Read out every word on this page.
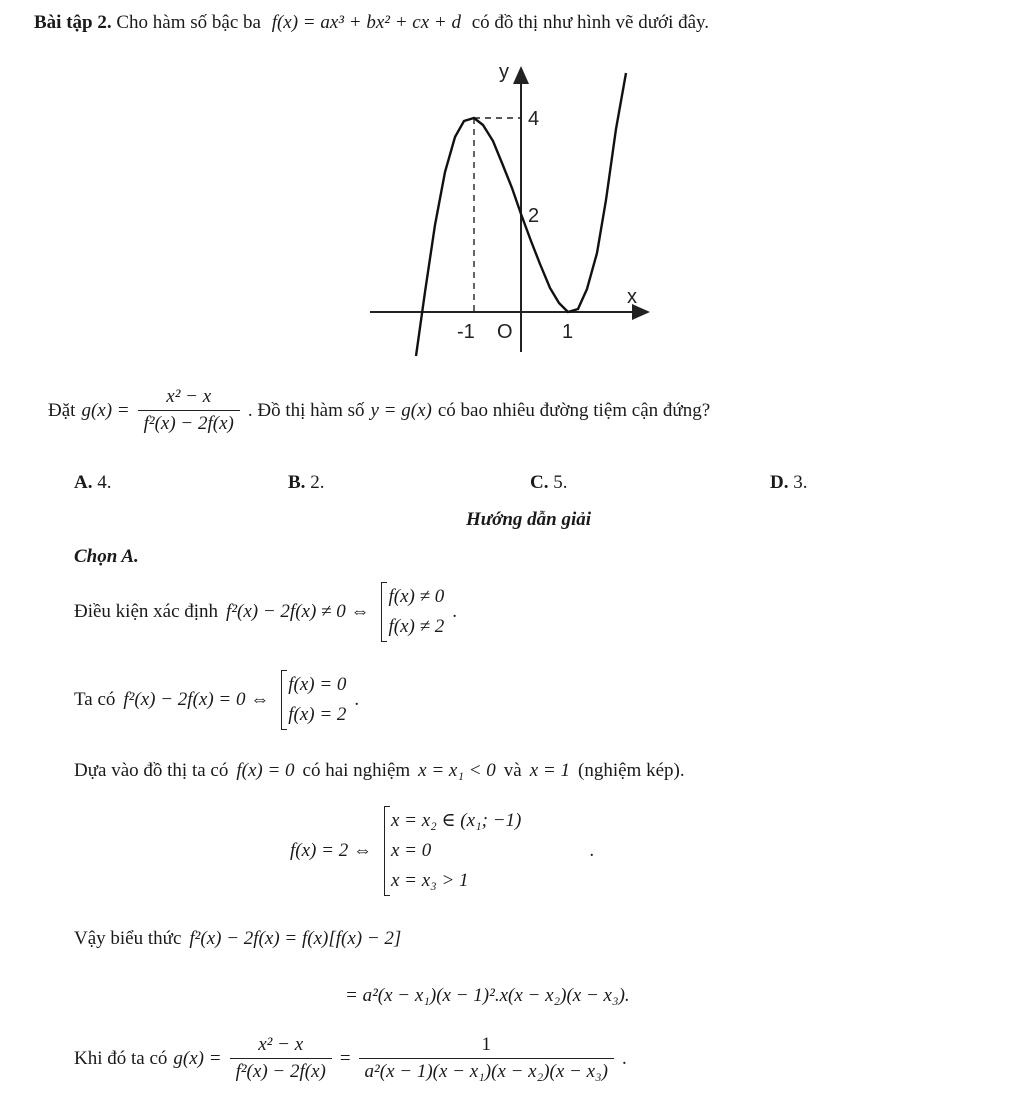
Bài tập 2. Cho hàm số bậc ba f(x) = ax³ + bx² + cx + d có đồ thị như hình vẽ dưới đây.
y
x
4
2
-1 O 1
Đặt $g(x) = \frac{\text{x² − x}}{\text{f²(x) − 2f(x)}}$ . Đồ thị hàm số y = g(x) có bao nhiêu đường tiệm cận đứng?
A. 4.	B. 2.	C. 5.	D. 3.
Hướng dẫn giải
Chọn A.
Điều kiện xác định f²(x) − 2f(x) ≠ 0 ⇔
f(x) ≠ 0
f(x) ≠ 2
.
Ta có f²(x) − 2f(x) = 0 ⇔
f(x) = 0
f(x) = 2
.
Dựa vào đồ thị ta có f(x) = 0 có hai nghiệm x = x₁ < 0 và x = 1 (nghiệm kép).
f(x) = 2 ⇔
x = x₂ ∈ (x₁; −1)
x = 0
x = x₃ > 1
.
Vậy biểu thức f²(x) − 2f(x) = f(x)[f(x) − 2]
= a²(x − x₁)(x − 1)².x(x − x₂)(x − x₃).
Khi đó ta có $g(x) = \frac{\text{x² − x}}{\text{f²(x) − 2f(x)}} = \frac{1}{\text{a²(x − 1)(x − x₁)(x − x₂)(x − x₃)}}$ .
